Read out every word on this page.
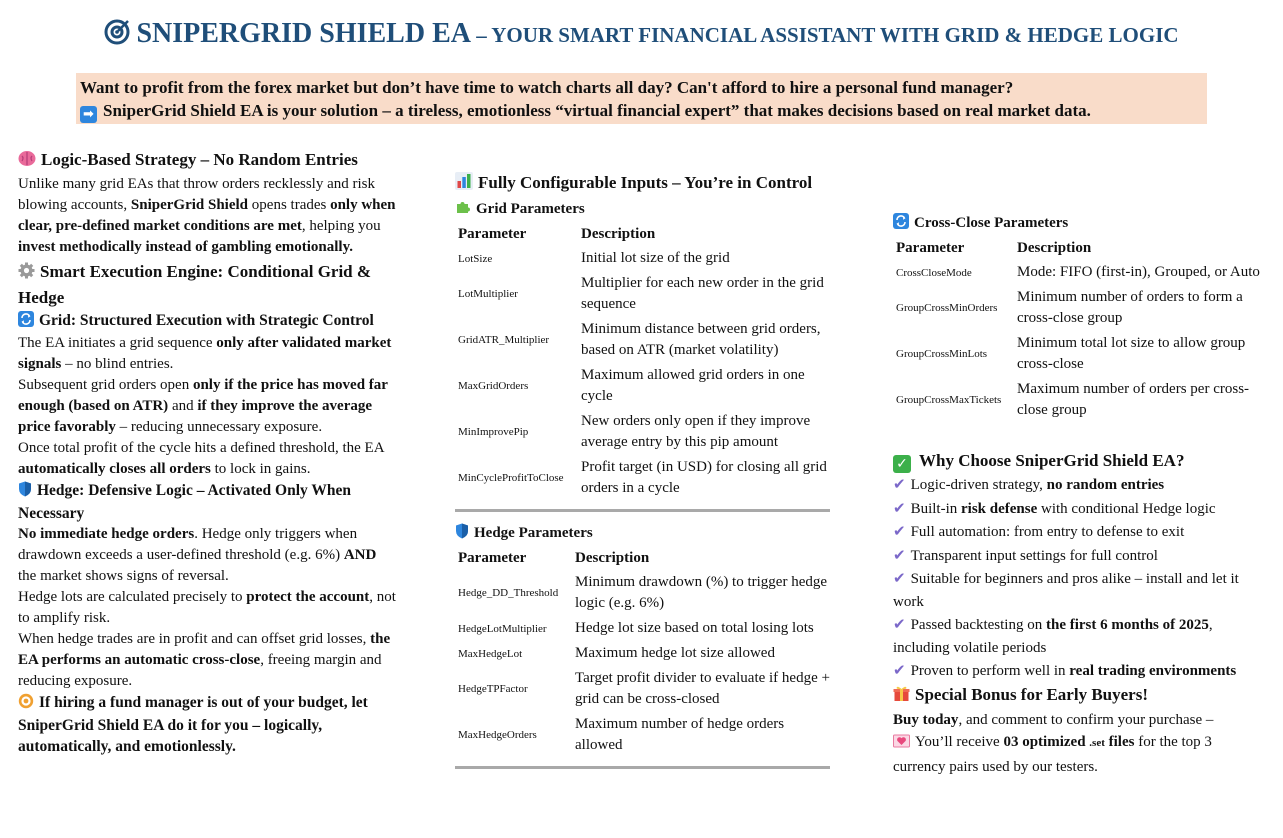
SNIPERGRID SHIELD EA – YOUR SMART FINANCIAL ASSISTANT WITH GRID & HEDGE LOGIC
Want to profit from the forex market but don’t have time to watch charts all day? Can't afford to hire a personal fund manager?
➡ SniperGrid Shield EA is your solution – a tireless, emotionless “virtual financial expert” that makes decisions based on real market data.
Logic-Based Strategy – No Random Entries
Unlike many grid EAs that throw orders recklessly and risk blowing accounts, SniperGrid Shield opens trades only when clear, pre-defined market conditions are met, helping you invest methodically instead of gambling emotionally.
Smart Execution Engine: Conditional Grid & Hedge
Grid: Structured Execution with Strategic Control
The EA initiates a grid sequence only after validated market signals – no blind entries.
Subsequent grid orders open only if the price has moved far enough (based on ATR) and if they improve the average price favorably – reducing unnecessary exposure.
Once total profit of the cycle hits a defined threshold, the EA automatically closes all orders to lock in gains.
Hedge: Defensive Logic – Activated Only When Necessary
No immediate hedge orders. Hedge only triggers when drawdown exceeds a user-defined threshold (e.g. 6%) AND the market shows signs of reversal.
Hedge lots are calculated precisely to protect the account, not to amplify risk.
When hedge trades are in profit and can offset grid losses, the EA performs an automatic cross-close, freeing margin and reducing exposure.
If hiring a fund manager is out of your budget, let SniperGrid Shield EA do it for you – logically, automatically, and emotionlessly.
Fully Configurable Inputs – You’re in Control
Grid Parameters
Parameter	Description
LotSize	Initial lot size of the grid
LotMultiplier	Multiplier for each new order in the grid sequence
GridATR_Multiplier	Minimum distance between grid orders, based on ATR (market volatility)
MaxGridOrders	Maximum allowed grid orders in one cycle
MinImprovePip	New orders only open if they improve average entry by this pip amount
MinCycleProfitToClose	Profit target (in USD) for closing all grid orders in a cycle
Hedge Parameters
Parameter	Description
Hedge_DD_Threshold	Minimum drawdown (%) to trigger hedge logic (e.g. 6%)
HedgeLotMultiplier	Hedge lot size based on total losing lots
MaxHedgeLot	Maximum hedge lot size allowed
HedgeTPFactor	Target profit divider to evaluate if hedge + grid can be cross-closed
MaxHedgeOrders	Maximum number of hedge orders allowed
Cross-Close Parameters
Parameter	Description
CrossCloseMode	Mode: FIFO (first-in), Grouped, or Auto
GroupCrossMinOrders	Minimum number of orders to form a cross-close group
GroupCrossMinLots	Minimum total lot size to allow group cross-close
GroupCrossMaxTickets	Maximum number of orders per cross-close group
✓ Why Choose SniperGrid Shield EA?
✔ Logic-driven strategy, no random entries
✔ Built-in risk defense with conditional Hedge logic
✔ Full automation: from entry to defense to exit
✔ Transparent input settings for full control
✔ Suitable for beginners and pros alike – install and let it work
✔ Passed backtesting on the first 6 months of 2025, including volatile periods
✔ Proven to perform well in real trading environments
Special Bonus for Early Buyers!
Buy today, and comment to confirm your purchase –
You’ll receive 03 optimized .set files for the top 3 currency pairs used by our testers.
